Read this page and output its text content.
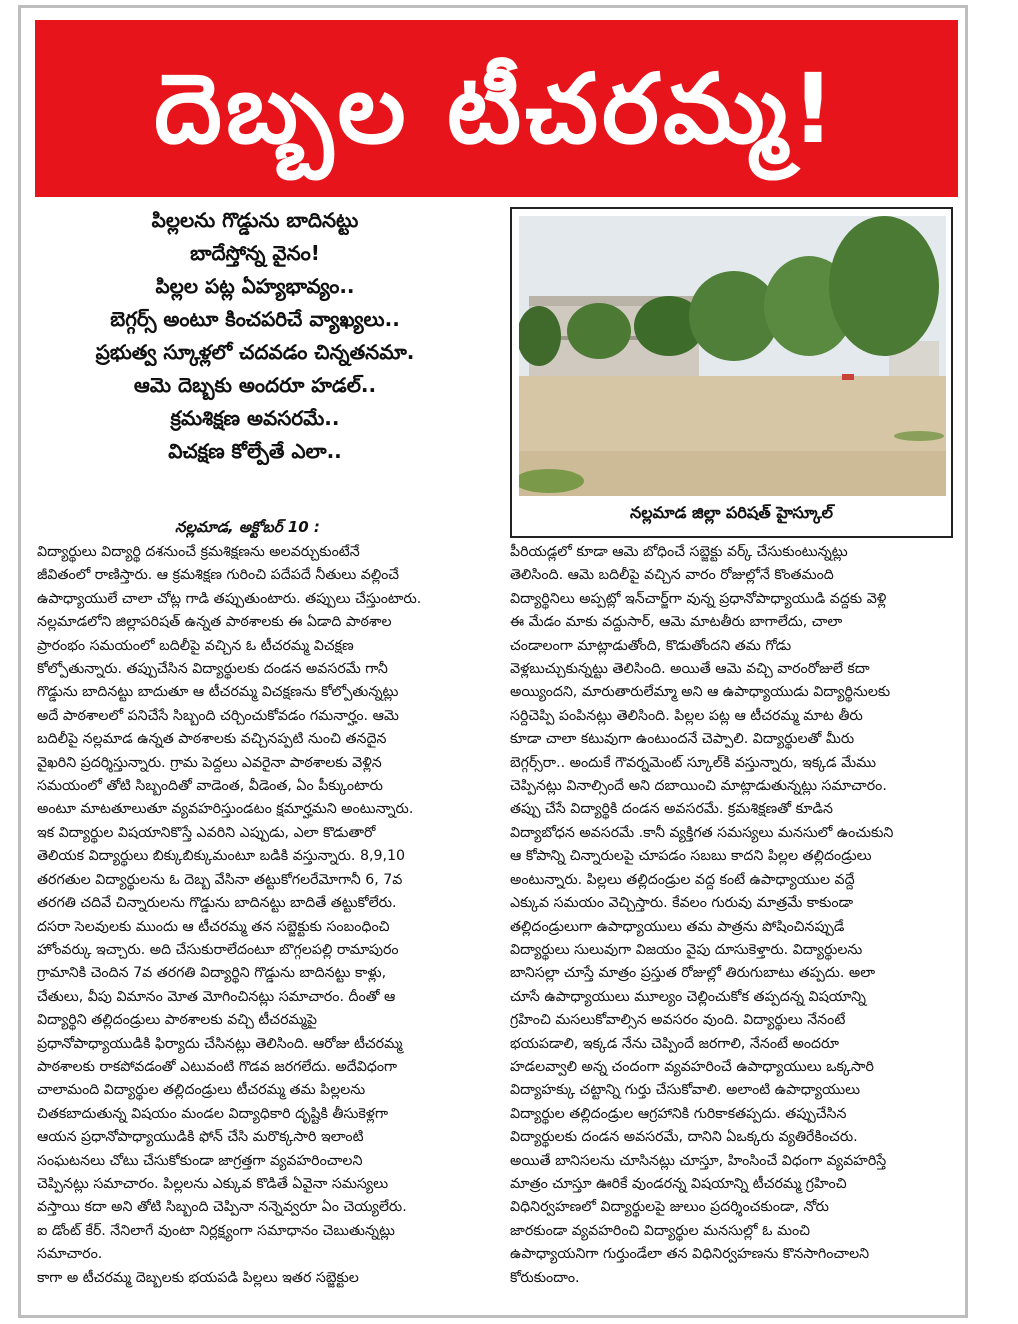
దెబ్బల టీచరమ్మ!
పిల్లలను గొడ్డును బాదినట్టు
బాదేస్తోన్న వైనం!
పిల్లల పట్ల ఏహ్యభావ్యం..
బెగ్గర్స్ అంటూ కించపరిచే వ్యాఖ్యలు..
ప్రభుత్వ స్కూళ్లలో చదవడం చిన్నతనమా.
ఆమె దెబ్బకు అందరూ హడల్..
క్రమశిక్షణ అవసరమే..
విచక్షణ కోల్పేతే ఎలా..
నల్లమాడ జిల్లా పరిషత్ హైస్కూల్
నల్లమాడ, అక్టోబర్ 10 :
విద్యార్థులు విద్యార్థి దశనుంచే క్రమశిక్షణను అలవర్చుకుంటేనే
జీవితంలో రాణిస్తారు. ఆ క్రమశిక్షణ గురించి పదేపదే నీతులు వల్లించే
ఉపాధ్యాయులే చాలా చోట్ల గాడి తప్పుతుంటారు. తప్పులు చేస్తుంటారు.
నల్లమాడలోని జిల్లాపరిషత్ ఉన్నత పాఠశాలకు ఈ ఏడాది పాఠశాల
ప్రారంభం సమయంలో బదిలీపై వచ్చిన ఓ టీచరమ్మ విచక్షణ
కోల్పోతున్నారు. తప్పుచేసిన విద్యార్థులకు దండన అవసరమే గానీ
గొడ్డును బాదినట్టు బాదుతూ ఆ టీచరమ్మ విచక్షణను కోల్పోతున్నట్లు
అదే పాఠశాలలో పనిచేసే సిబ్బంది చర్చించుకోవడం గమనార్హం. ఆమె
బదిలీపై నల్లమాడ ఉన్నత పాఠశాలకు వచ్చినప్పటి నుంచి తనదైన
వైఖరిని ప్రదర్శిస్తున్నారు. గ్రామ పెద్దలు ఎవరైనా పాఠశాలకు వెళ్లిన
సమయంలో తోటి సిబ్బందితో వాడెంత, వీడెంత, ఏం పీక్కుంటారు
అంటూ మాటతూలుతూ వ్యవహరిస్తుండటం క్షమార్హమని అంటున్నారు.
ఇక విద్యార్థుల విషయానికొస్తే ఎవరిని ఎప్పుడు, ఎలా కొడుతారో
తెలియక విద్యార్థులు బిక్కుబిక్కుమంటూ బడికి వస్తున్నారు. 8,9,10
తరగతుల విద్యార్థులను ఓ దెబ్బ వేసినా తట్టుకోగలరేమోగానీ 6, 7వ
తరగతి చదివే చిన్నారులను గొడ్డును బాదినట్టు బాదితే తట్టుకోలేరు.
దసరా సెలవులకు ముందు ఆ టీచరమ్మ తన సబ్జెక్టుకు సంబంధించి
హోంవర్కు ఇచ్చారు. అది చేసుకురాలేదంటూ బొగ్గలపల్లి రామాపురం
గ్రామానికి చెందిన 7వ తరగతి విద్యార్థిని గొడ్డును బాదినట్టు కాళ్లు,
చేతులు, వీపు విమానం మోత మోగించినట్లు సమాచారం. దీంతో ఆ
విద్యార్థిని తల్లిదండ్రులు పాఠశాలకు వచ్చి టీచరమ్మపై
ప్రధానోపాధ్యాయుడికి ఫిర్యాదు చేసినట్లు తెలిసింది. ఆరోజు టీచరమ్మ
పాఠశాలకు రాకపోవడంతో ఎటువంటి గొడవ జరగలేదు. అదేవిధంగా
చాలామంది విద్యార్థుల తల్లిదండ్రులు టీచరమ్మ తమ పిల్లలను
చితకబాదుతున్న విషయం మండల విద్యాధికారి దృష్టికి తీసుకెళ్లగా
ఆయన ప్రధానోపాధ్యాయుడికి ఫోన్ చేసి మరొక్కసారి ఇలాంటి
సంఘటనలు చోటు చేసుకోకుండా జాగ్రత్తగా వ్యవహరించాలని
చెప్పినట్లు సమాచారం. పిల్లలను ఎక్కువ కొడితే ఏవైనా సమస్యలు
వస్తాయి కదా అని తోటి సిబ్బంది చెప్పినా నన్నెవ్వరూ ఏం చెయ్యలేరు.
ఐ డోంట్ కేర్. నేనిలాగే వుంటా నిర్లక్ష్యంగా సమాధానం చెబుతున్నట్లు
సమాచారం.
కాగా అ టీచరమ్మ దెబ్బలకు భయపడి పిల్లలు ఇతర సబ్జెక్టుల
పీరియడ్లలో కూడా ఆమె బోధించే సబ్జెక్టు వర్క్ చేసుకుంటున్నట్లు
తెలిసింది. ఆమె బదిలీపై వచ్చిన వారం రోజుల్లోనే కొంతమంది
విద్యార్థినిలు అప్పట్లో ఇన్‌చార్జ్‌గా వున్న ప్రధానోపాధ్యాయుడి వద్దకు వెళ్లి
ఈ మేడం మాకు వద్దుసార్, ఆమె మాటతీరు బాగాలేదు, చాలా
చండాలంగా మాట్లాడుతోంది, కొడుతోందని తమ గోడు
వెళ్లబుచ్చుకున్నట్టు తెలిసింది. అయితే ఆమె వచ్చి వారంరోజులే కదా
అయ్యిందని, మారుతారులేమ్మా అని ఆ ఉపాధ్యాయుడు విద్యార్థినులకు
సర్దిచెప్పి పంపినట్లు తెలిసింది. పిల్లల పట్ల ఆ టీచరమ్మ మాట తీరు
కూడా చాలా కటువుగా ఉంటుందనే చెప్పాలి. విద్యార్థులతో మీరు
బెగ్గర్స్‌రా.. అందుకే గౌవర్నమెంట్ స్కూల్‌కి వస్తున్నారు, ఇక్కడ మేము
చెప్పినట్లు వినాల్సిందే అని దబాయించి మాట్లాడుతున్నట్లు సమాచారం.
తప్పు చేసే విద్యార్థికి దండన అవసరమే. క్రమశిక్షణతో కూడిన
విద్యాబోధన అవసరమే .కానీ వ్యక్తిగత సమస్యలు మనసులో ఉంచుకుని
ఆ కోపాన్ని చిన్నారులపై చూపడం సబబు కాదని పిల్లల తల్లిదండ్రులు
అంటున్నారు. పిల్లలు తల్లిదండ్రుల వద్ద కంటే ఉపాధ్యాయుల వద్దే
ఎక్కువ సమయం వెచ్చిస్తారు. కేవలం గురువు మాత్రమే కాకుండా
తల్లిదండ్రులుగా ఉపాధ్యాయులు తమ పాత్రను పోషించినప్పుడే
విద్యార్థులు సులువుగా విజయం వైపు దూసుకెళ్తారు. విద్యార్థులను
బానిసల్లా చూస్తే మాత్రం ప్రస్తుత రోజుల్లో తిరుగుబాటు తప్పదు. అలా
చూసే ఉపాధ్యాయులు మూల్యం చెల్లించుకోక తప్పదన్న విషయాన్ని
గ్రహించి మసలుకోవాల్సిన అవసరం వుంది. విద్యార్థులు నేనంటే
భయపడాలి, ఇక్కడ నేను చెప్పిందే జరగాలి, నేనంటే అందరూ
హడలవ్వాలి అన్న చందంగా వ్యవహరించే ఉపాధ్యాయులు ఒక్కసారి
విద్యాహక్కు చట్టాన్ని గుర్తు చేసుకోవాలి. అలాంటి ఉపాధ్యాయులు
విద్యార్థుల తల్లిదండ్రుల ఆగ్రహానికి గురికాకతప్పదు. తప్పుచేసిన
విద్యార్థులకు దండన అవసరమే, దానిని ఏఒక్కరు వ్యతిరేకించరు.
అయితే బానిసలను చూసినట్లు చూస్తూ, హింసించే విధంగా వ్యవహరిస్తే
మాత్రం చూస్తూ ఊరికే వుండరన్న విషయాన్ని టీచరమ్మ గ్రహించి
విధినిర్వహణలో విద్యార్థులపై జులుం ప్రదర్శించకుండా, నోరు
జారకుండా వ్యవహరించి విద్యార్థుల మనసుల్లో ఓ మంచి
ఉపాధ్యాయనిగా గుర్తుండేలా తన విధినిర్వహణను కొనసాగించాలని
కోరుకుందాం.
